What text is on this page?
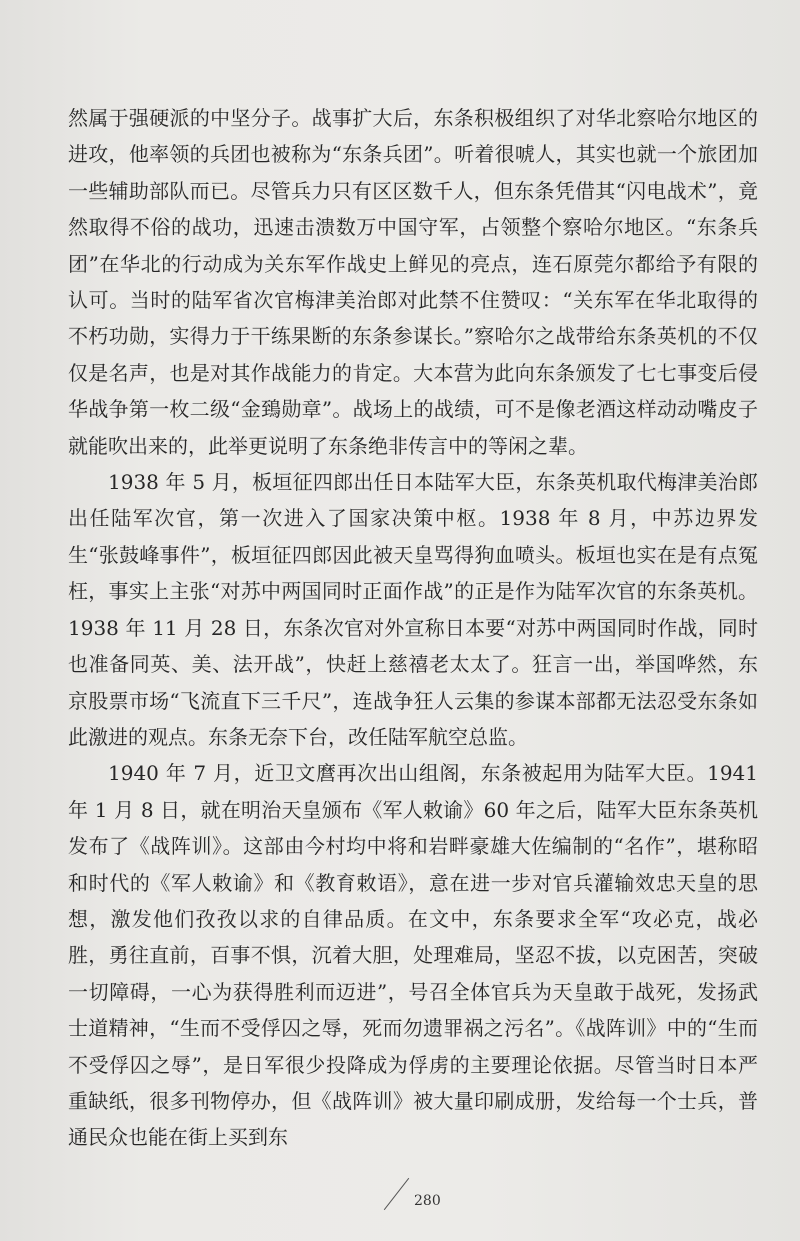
然属于强硬派的中坚分子。战事扩大后，东条积极组织了对华北察哈尔地区的进攻，他率领的兵团也被称为“东条兵团”。听着很唬人，其实也就一个旅团加一些辅助部队而已。尽管兵力只有区区数千人，但东条凭借其“闪电战术”，竟然取得不俗的战功，迅速击溃数万中国守军，占领整个察哈尔地区。“东条兵团”在华北的行动成为关东军作战史上鲜见的亮点，连石原莞尔都给予有限的认可。当时的陆军省次官梅津美治郎对此禁不住赞叹：“关东军在华北取得的不朽功勋，实得力于干练果断的东条参谋长。”察哈尔之战带给东条英机的不仅仅是名声，也是对其作战能力的肯定。大本营为此向东条颁发了七七事变后侵华战争第一枚二级“金鵄勋章”。战场上的战绩，可不是像老酒这样动动嘴皮子就能吹出来的，此举更说明了东条绝非传言中的等闲之辈。

1938 年 5 月，板垣征四郎出任日本陆军大臣，东条英机取代梅津美治郎出任陆军次官，第一次进入了国家决策中枢。1938 年 8 月，中苏边界发生“张鼓峰事件”，板垣征四郎因此被天皇骂得狗血喷头。板垣也实在是有点冤枉，事实上主张“对苏中两国同时正面作战”的正是作为陆军次官的东条英机。1938 年 11 月 28 日，东条次官对外宣称日本要“对苏中两国同时作战，同时也准备同英、美、法开战”，快赶上慈禧老太太了。狂言一出，举国哗然，东京股票市场“飞流直下三千尺”，连战争狂人云集的参谋本部都无法忍受东条如此激进的观点。东条无奈下台，改任陆军航空总监。

1940 年 7 月，近卫文麿再次出山组阁，东条被起用为陆军大臣。1941 年 1 月 8 日，就在明治天皇颁布《军人敕谕》60 年之后，陆军大臣东条英机发布了《战阵训》。这部由今村均中将和岩畔豪雄大佐编制的“名作”，堪称昭和时代的《军人敕谕》和《教育敕语》，意在进一步对官兵灌输效忠天皇的思想，激发他们孜孜以求的自律品质。在文中，东条要求全军“攻必克，战必胜，勇往直前，百事不惧，沉着大胆，处理难局，坚忍不拔，以克困苦，突破一切障碍，一心为获得胜利而迈进”，号召全体官兵为天皇敢于战死，发扬武士道精神，“生而不受俘囚之辱，死而勿遗罪祸之污名”。《战阵训》中的“生而不受俘囚之辱”，是日军很少投降成为俘虏的主要理论依据。尽管当时日本严重缺纸，很多刊物停办，但《战阵训》被大量印刷成册，发给每一个士兵，普通民众也能在街上买到东

280
